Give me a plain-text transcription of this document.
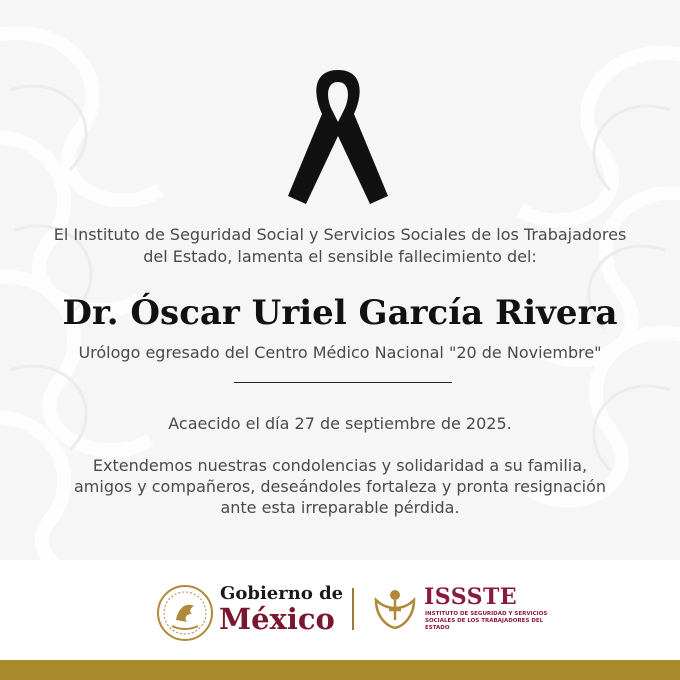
El Instituto de Seguridad Social y Servicios Sociales de los Trabajadores del Estado, lamenta el sensible fallecimiento del:
Dr. Óscar Uriel García Rivera
Urólogo egresado del Centro Médico Nacional "20 de Noviembre"
Acaecido el día 27 de septiembre de 2025.
Extendemos nuestras condolencias y solidaridad a su familia, amigos y compañeros, deseándoles fortaleza y pronta resignación ante esta irreparable pérdida.
Gobierno de
México
ISSSTE
INSTITUTO DE SEGURIDAD Y SERVICIOS SOCIALES DE LOS TRABAJADORES DEL ESTADO
